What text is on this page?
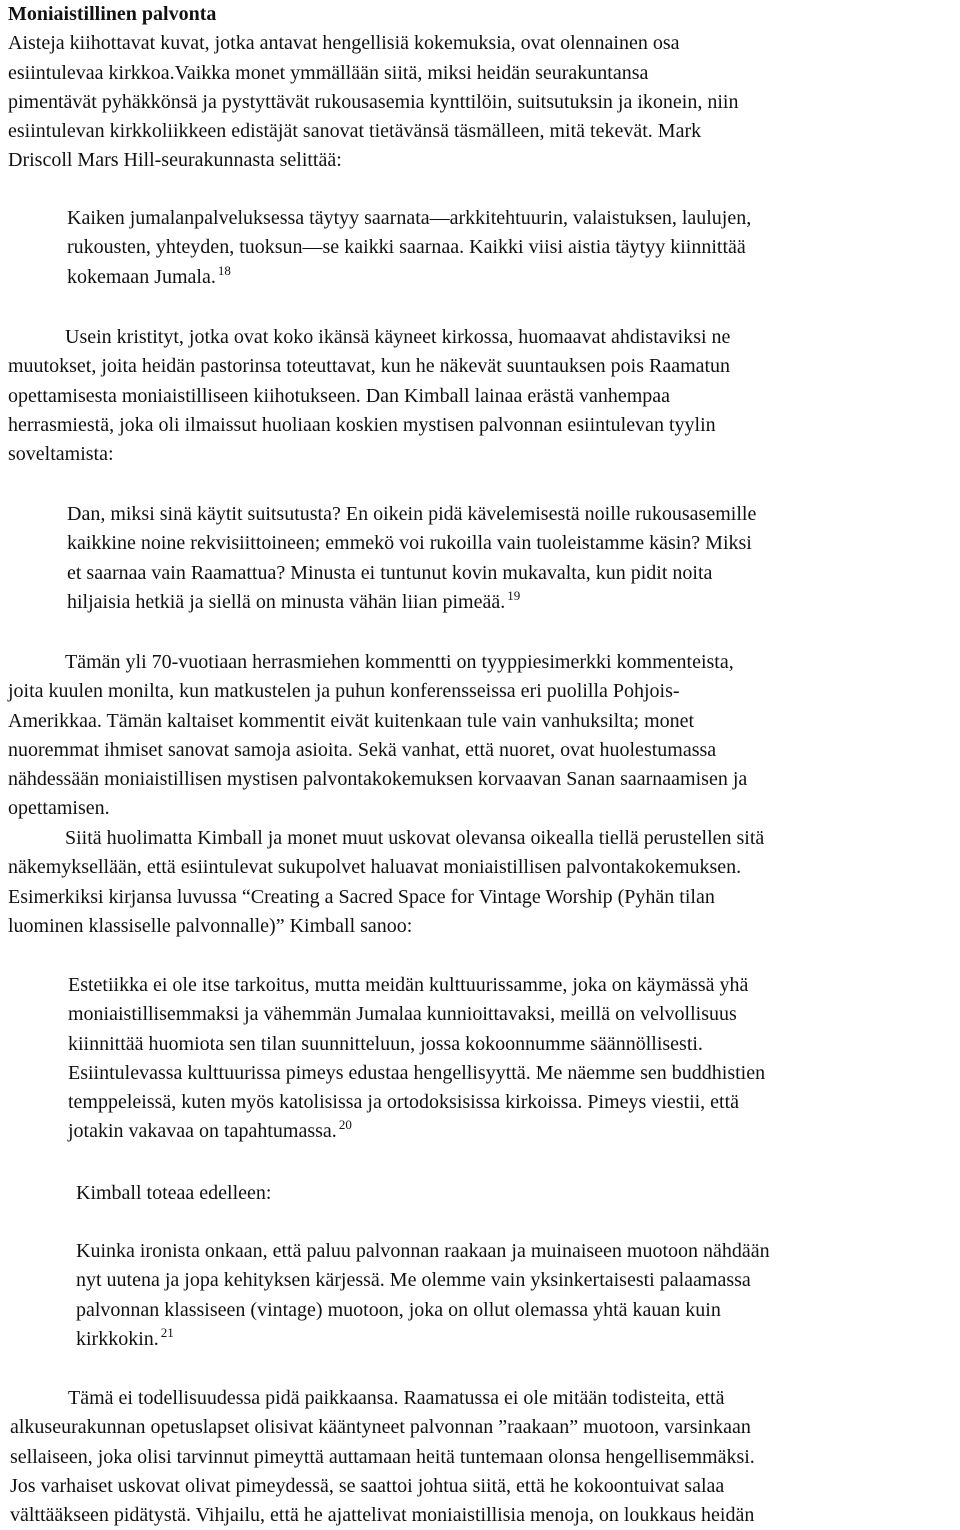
Moniaistillinen palvonta
Aisteja kiihottavat kuvat, jotka antavat hengellisiä kokemuksia, ovat olennainen osa
esiintulevaa kirkkoa.Vaikka monet ymmällään siitä, miksi heidän seurakuntansa
pimentävät pyhäkkönsä ja pystyttävät rukousasemia kynttilöin, suitsutuksin ja ikonein, niin
esiintulevan kirkkoliikkeen edistäjät sanovat tietävänsä täsmälleen, mitä tekevät. Mark
Driscoll Mars Hill-seurakunnasta selittää:
Kaiken jumalanpalveluksessa täytyy saarnata—arkkitehtuurin, valaistuksen, laulujen,
rukousten, yhteyden, tuoksun—se kaikki saarnaa. Kaikki viisi aistia täytyy kiinnittää
kokemaan Jumala. $^{18}$
Usein kristityt, jotka ovat koko ikänsä käyneet kirkossa, huomaavat ahdistaviksi ne
muutokset, joita heidän pastorinsa toteuttavat, kun he näkevät suuntauksen pois Raamatun
opettamisesta moniaistilliseen kiihotukseen. Dan Kimball lainaa erästä vanhempaa
herrasmiestä, joka oli ilmaissut huoliaan koskien mystisen palvonnan esiintulevan tyylin
soveltamista:
Dan, miksi sinä käytit suitsutusta? En oikein pidä kävelemisestä noille rukousasemille
kaikkine noine rekvisiittoineen; emmekö voi rukoilla vain tuoleistamme käsin? Miksi
et saarnaa vain Raamattua? Minusta ei tuntunut kovin mukavalta, kun pidit noita
hiljaisia hetkiä ja siellä on minusta vähän liian pimeää. $^{19}$
Tämän yli 70-vuotiaan herrasmiehen kommentti on tyyppiesimerkki kommenteista,
joita kuulen monilta, kun matkustelen ja puhun konferensseissa eri puolilla Pohjois-
Amerikkaa. Tämän kaltaiset kommentit eivät kuitenkaan tule vain vanhuksilta; monet
nuoremmat ihmiset sanovat samoja asioita. Sekä vanhat, että nuoret, ovat huolestumassa
nähdessään moniaistillisen mystisen palvontakokemuksen korvaavan Sanan saarnaamisen ja
opettamisen.
Siitä huolimatta Kimball ja monet muut uskovat olevansa oikealla tiellä perustellen sitä
näkemyksellään, että esiintulevat sukupolvet haluavat moniaistillisen palvontakokemuksen.
Esimerkiksi kirjansa luvussa “Creating a Sacred Space for Vintage Worship (Pyhän tilan
luominen klassiselle palvonnalle)” Kimball sanoo:
Estetiikka ei ole itse tarkoitus, mutta meidän kulttuurissamme, joka on käymässä yhä
moniaistillisemmaksi ja vähemmän Jumalaa kunnioittavaksi, meillä on velvollisuus
kiinnittää huomiota sen tilan suunnitteluun, jossa kokoonnumme säännöllisesti.
Esiintulevassa kulttuurissa pimeys edustaa hengellisyyttä. Me näemme sen buddhistien
temppeleissä, kuten myös katolisissa ja ortodoksisissa kirkoissa. Pimeys viestii, että
jotakin vakavaa on tapahtumassa. $^{20}$
Kimball toteaa edelleen:
Kuinka ironista onkaan, että paluu palvonnan raakaan ja muinaiseen muotoon nähdään
nyt uutena ja jopa kehityksen kärjessä. Me olemme vain yksinkertaisesti palaamassa
palvonnan klassiseen (vintage) muotoon, joka on ollut olemassa yhtä kauan kuin
kirkkokin. $^{21}$
Tämä ei todellisuudessa pidä paikkaansa. Raamatussa ei ole mitään todisteita, että
alkuseurakunnan opetuslapset olisivat kääntyneet palvonnan ”raakaan” muotoon, varsinkaan
sellaiseen, joka olisi tarvinnut pimeyttä auttamaan heitä tuntemaan olonsa hengellisemmäksi.
Jos varhaiset uskovat olivat pimeydessä, se saattoi johtua siitä, että he kokoontuivat salaa
välttääkseen pidätystä. Vihjailu, että he ajattelivat moniaistillisia menoja, on loukkaus heidän
